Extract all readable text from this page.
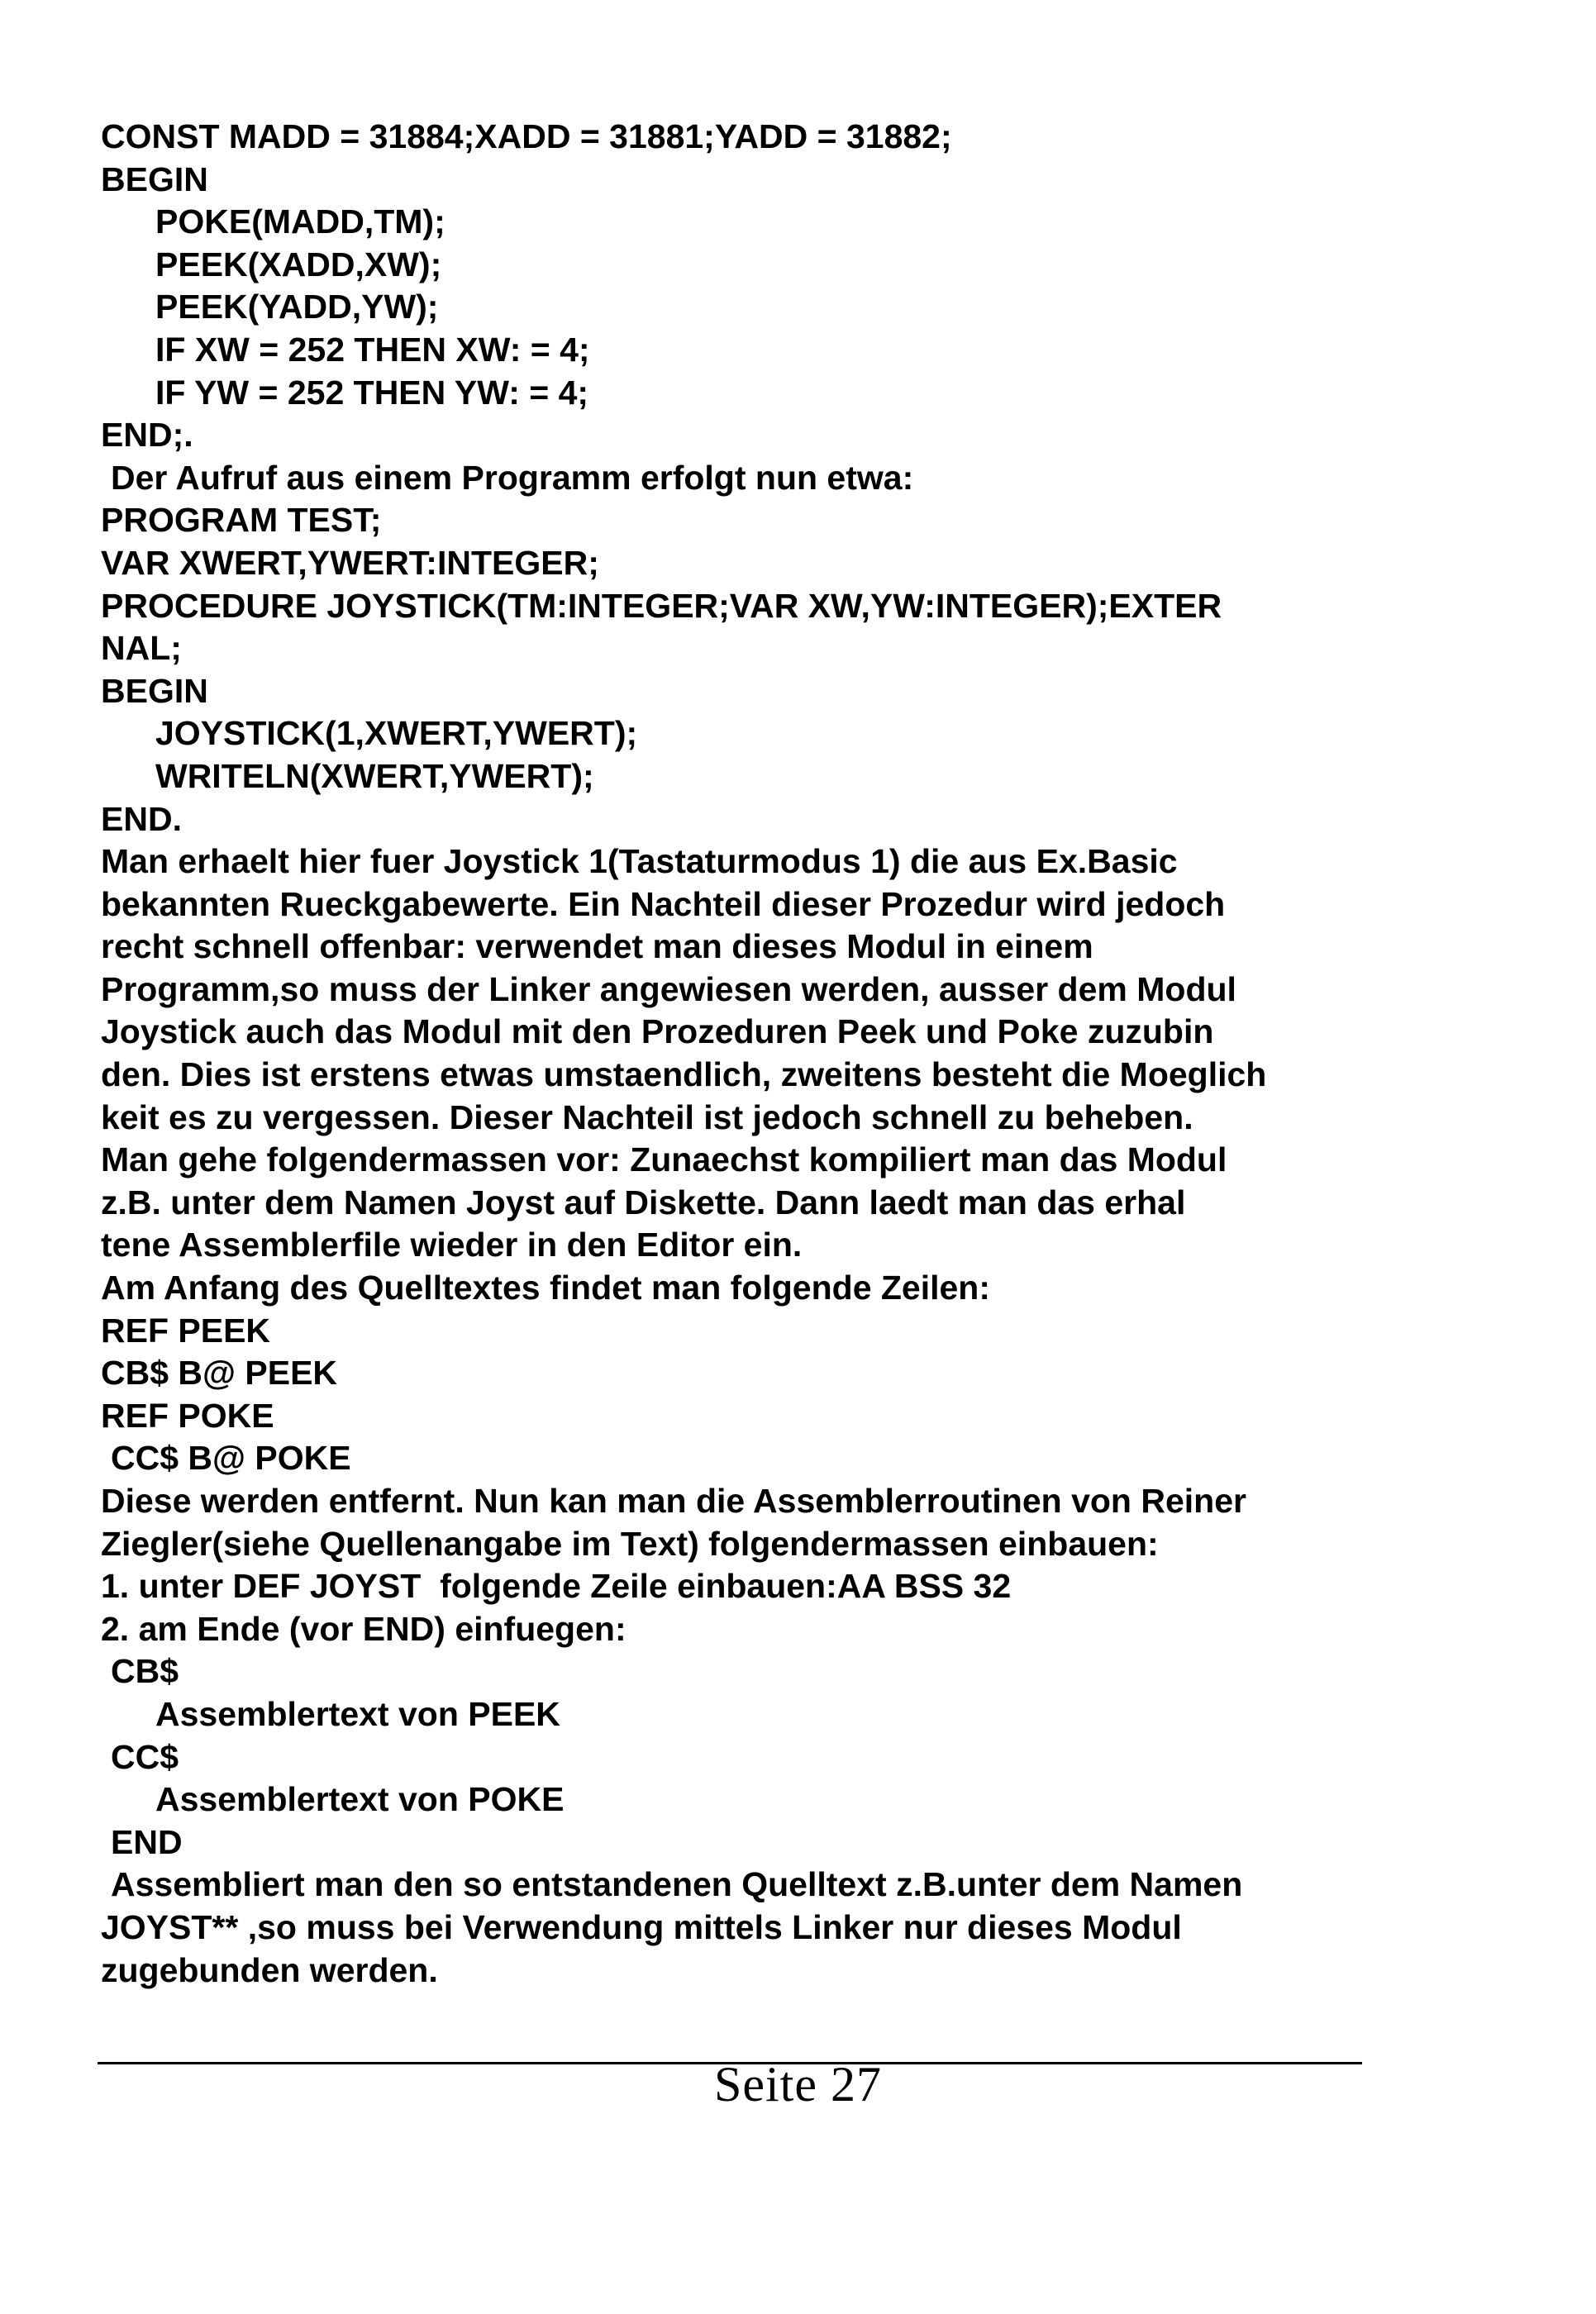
CONST MADD = 31884;XADD = 31881;YADD = 31882;
BEGIN
POKE(MADD,TM);
PEEK(XADD,XW);
PEEK(YADD,YW);
IF XW = 252 THEN XW: = 4;
IF YW = 252 THEN YW: = 4;
END;.
Der Aufruf aus einem Programm erfolgt nun etwa:
PROGRAM TEST;
VAR XWERT,YWERT:INTEGER;
PROCEDURE JOYSTICK(TM:INTEGER;VAR XW,YW:INTEGER);EXTER
NAL;
BEGIN
JOYSTICK(1,XWERT,YWERT);
WRITELN(XWERT,YWERT);
END.
Man erhaelt hier fuer Joystick 1(Tastaturmodus 1) die aus Ex.Basic
bekannten Rueckgabewerte. Ein Nachteil dieser Prozedur wird jedoch
recht schnell offenbar: verwendet man dieses Modul in einem
Programm,so muss der Linker angewiesen werden, ausser dem Modul
Joystick auch das Modul mit den Prozeduren Peek und Poke zuzubin
den. Dies ist erstens etwas umstaendlich, zweitens besteht die Moeglich
keit es zu vergessen. Dieser Nachteil ist jedoch schnell zu beheben.
Man gehe folgendermassen vor: Zunaechst kompiliert man das Modul
z.B. unter dem Namen Joyst auf Diskette. Dann laedt man das erhal
tene Assemblerfile wieder in den Editor ein.
Am Anfang des Quelltextes findet man folgende Zeilen:
REF PEEK
CB$ B@ PEEK
REF POKE
CC$ B@ POKE
Diese werden entfernt. Nun kan man die Assemblerroutinen von Reiner
Ziegler(siehe Quellenangabe im Text) folgendermassen einbauen:
1. unter DEF JOYST  folgende Zeile einbauen:AA BSS 32
2. am Ende (vor END) einfuegen:
CB$
Assemblertext von PEEK
CC$
Assemblertext von POKE
END
Assembliert man den so entstandenen Quelltext z.B.unter dem Namen
JOYST** ,so muss bei Verwendung mittels Linker nur dieses Modul
zugebunden werden.
Seite 27
